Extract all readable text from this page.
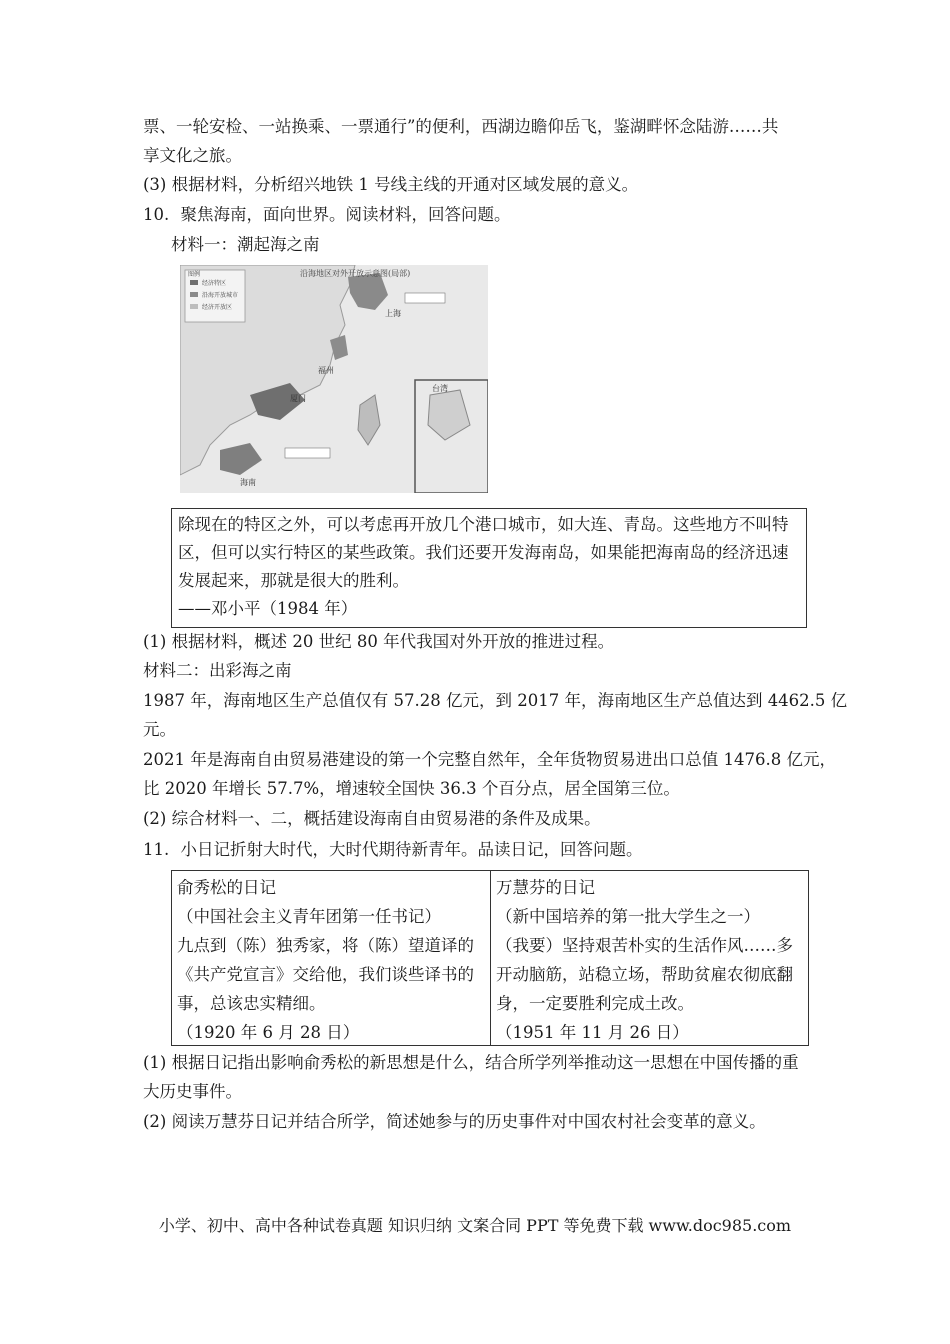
票、一轮安检、一站换乘、一票通行”的便利，西湖边瞻仰岳飞，鉴湖畔怀念陆游……共
享文化之旅。
(3) 根据材料，分析绍兴地铁 1 号线主线的开通对区域发展的意义。
10. 聚焦海南，面向世界。阅读材料，回答问题。
材料一：潮起海之南
沿海地区对外开放示意图(局部)
图例
经济特区
沿海开放城市
经济开放区
上海
福州
厦门
海南
台湾
除现在的特区之外，可以考虑再开放几个港口城市，如大连、青岛。这些地方不叫特
区，但可以实行特区的某些政策。我们还要开发海南岛，如果能把海南岛的经济迅速
发展起来，那就是很大的胜利。
——邓小平（1984 年）
(1) 根据材料，概述 20 世纪 80 年代我国对外开放的推进过程。
材料二：出彩海之南
1987 年，海南地区生产总值仅有 57.28 亿元，到 2017 年，海南地区生产总值达到 4462.5 亿
元。
2021 年是海南自由贸易港建设的第一个完整自然年，全年货物贸易进出口总值 1476.8 亿元，
比 2020 年增长 57.7%，增速较全国快 36.3 个百分点，居全国第三位。
(2) 综合材料一、二，概括建设海南自由贸易港的条件及成果。
11. 小日记折射大时代，大时代期待新青年。品读日记，回答问题。
俞秀松的日记
（中国社会主义青年团第一任书记）
九点到（陈）独秀家，将（陈）望道译的
《共产党宣言》交给他，我们谈些译书的
事，总该忠实精细。
（1920 年 6 月 28 日）
万慧芬的日记
（新中国培养的第一批大学生之一）
（我要）坚持艰苦朴实的生活作风……多
开动脑筋，站稳立场，帮助贫雇农彻底翻
身，一定要胜利完成土改。
（1951 年 11 月 26 日）
(1) 根据日记指出影响俞秀松的新思想是什么，结合所学列举推动这一思想在中国传播的重
大历史事件。
(2) 阅读万慧芬日记并结合所学，简述她参与的历史事件对中国农村社会变革的意义。
小学、初中、高中各种试卷真题 知识归纳 文案合同 PPT 等免费下载 www.doc985.com
